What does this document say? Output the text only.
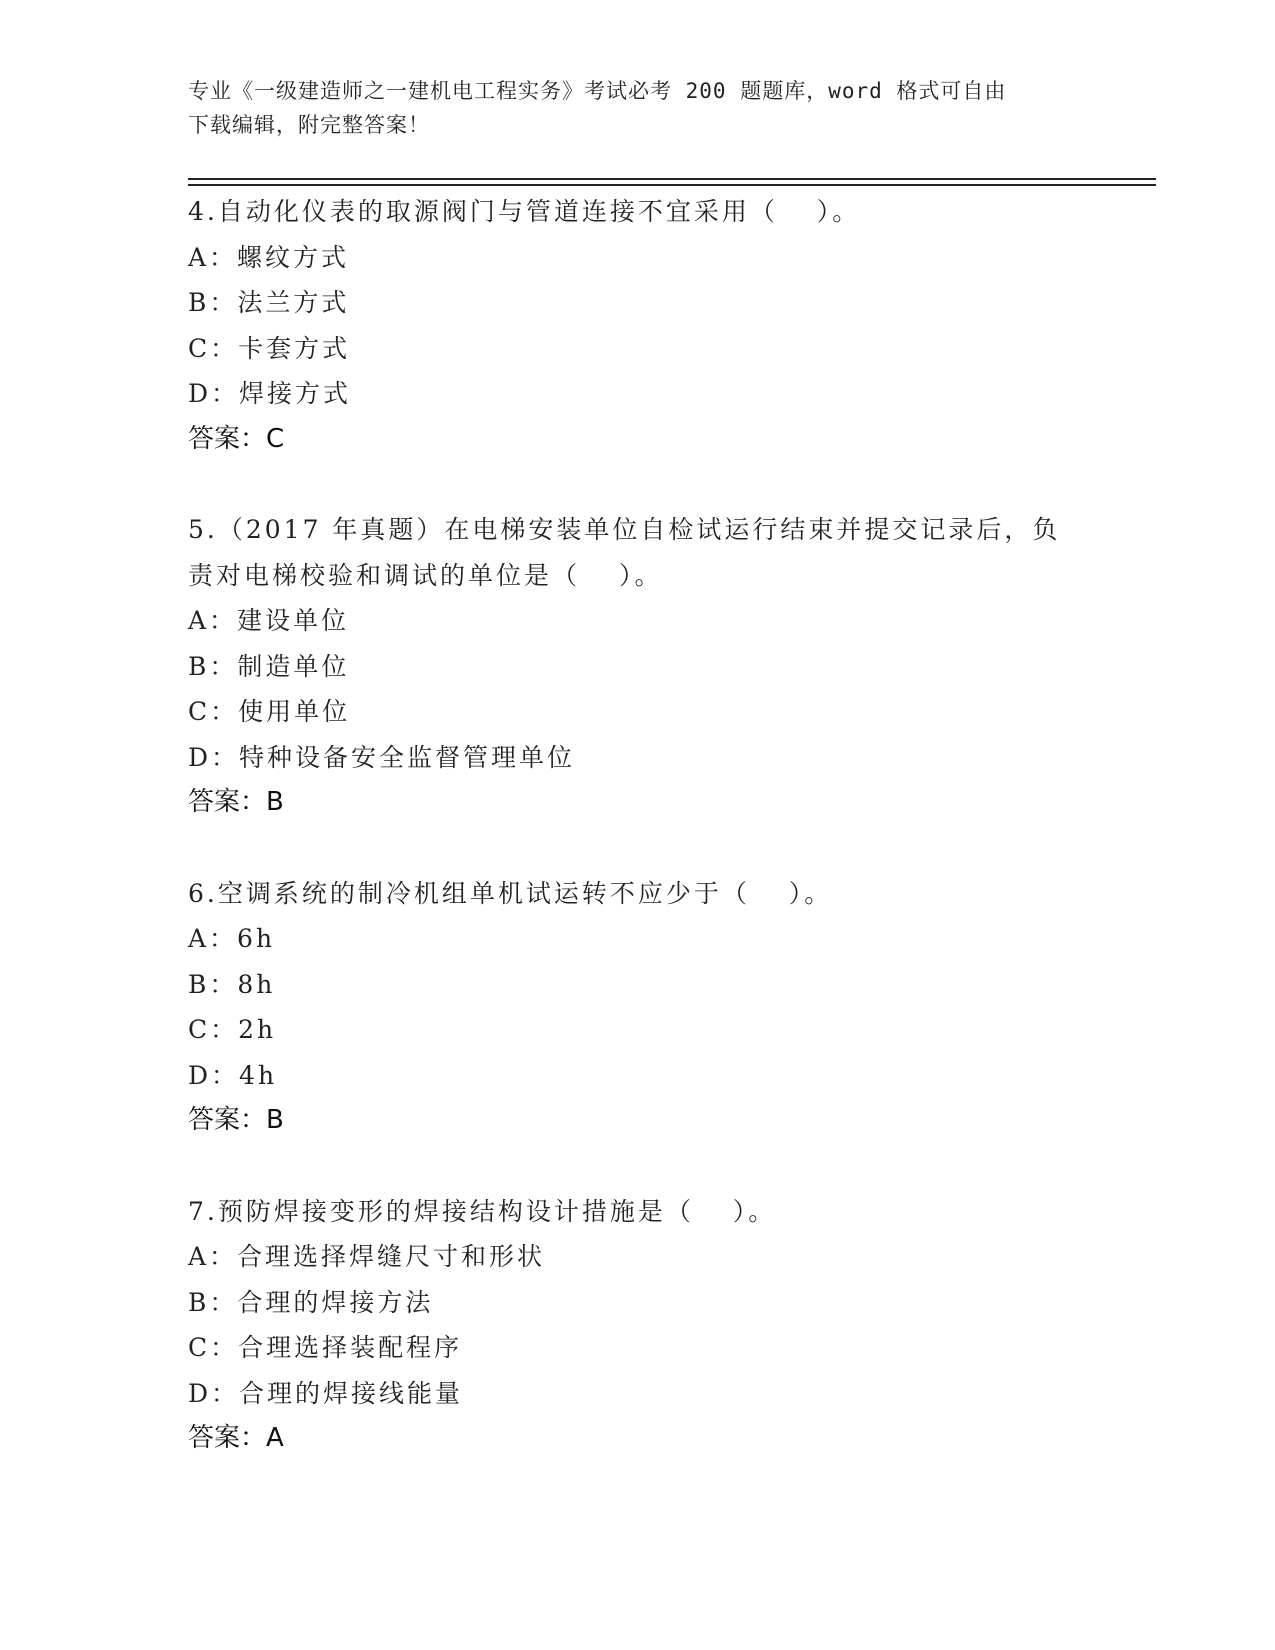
专业《一级建造师之一建机电工程实务》考试必考 200 题题库，word 格式可自由
下载编辑，附完整答案！
4.自动化仪表的取源阀门与管道连接不宜采用（　 ）。
A：螺纹方式
B：法兰方式
C：卡套方式
D：焊接方式
答案：C
5.（2017 年真题）在电梯安装单位自检试运行结束并提交记录后，负
责对电梯校验和调试的单位是（　 ）。
A：建设单位
B：制造单位
C：使用单位
D：特种设备安全监督管理单位
答案：B
6.空调系统的制冷机组单机试运转不应少于（　 ）。
A：6h
B：8h
C：2h
D：4h
答案：B
7.预防焊接变形的焊接结构设计措施是（　 ）。
A：合理选择焊缝尺寸和形状
B：合理的焊接方法
C：合理选择装配程序
D：合理的焊接线能量
答案：A
